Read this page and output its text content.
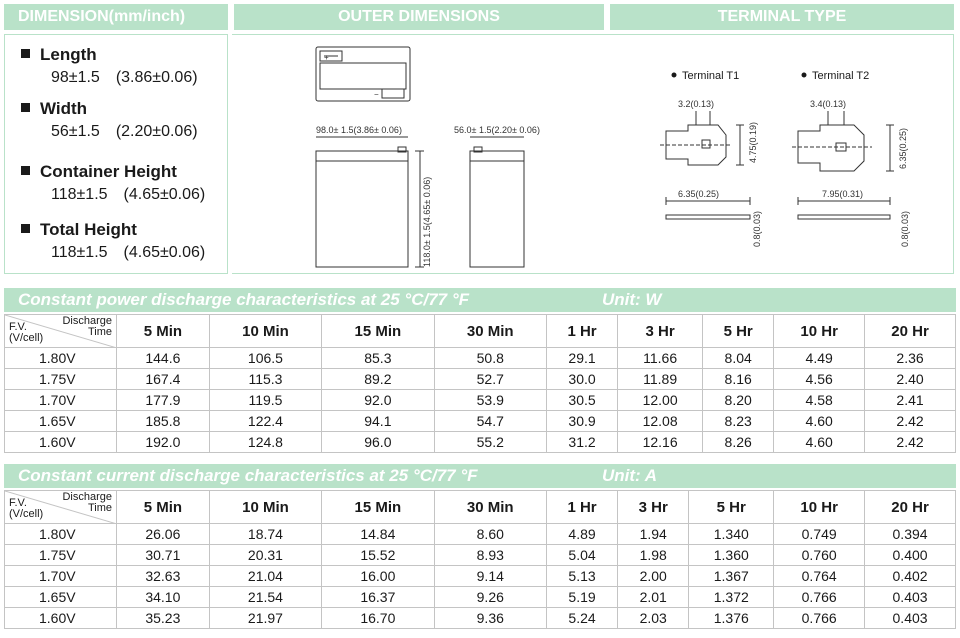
DIMENSION(mm/inch)	OUTER DIMENSIONS	TERMINAL TYPE
Length
98±1.5 (3.86±0.06)
Width
56±1.5 (2.20±0.06)
Container Height
118±1.5 (4.65±0.06)
Total Height
118±1.5 (4.65±0.06)
+
−
98.0± 1.5(3.86± 0.06)
118.0± 1.5(4.65± 0.06)
56.0± 1.5(2.20± 0.06)
Terminal T1
3.2(0.13)
4.75(0.19)
6.35(0.25)
0.8(0.03)
Terminal T2
3.4(0.13)
6.35(0.25)
7.95(0.31)
0.8(0.03)
Constant power discharge characteristics at 25 °C/77 °F	Unit: W
Discharge
Time
F.V.
(V/cell)	5 Min	10 Min	15 Min	30 Min	1 Hr	3 Hr	5 Hr	10 Hr	20 Hr
1.80V	144.6	106.5	85.3	50.8	29.1	11.66	8.04	4.49	2.36
1.75V	167.4	115.3	89.2	52.7	30.0	11.89	8.16	4.56	2.40
1.70V	177.9	119.5	92.0	53.9	30.5	12.00	8.20	4.58	2.41
1.65V	185.8	122.4	94.1	54.7	30.9	12.08	8.23	4.60	2.42
1.60V	192.0	124.8	96.0	55.2	31.2	12.16	8.26	4.60	2.42
Constant current discharge characteristics at 25 °C/77 °F	Unit: A
Discharge
Time
F.V.
(V/cell)	5 Min	10 Min	15 Min	30 Min	1 Hr	3 Hr	5 Hr	10 Hr	20 Hr
1.80V	26.06	18.74	14.84	8.60	4.89	1.94	1.340	0.749	0.394
1.75V	30.71	20.31	15.52	8.93	5.04	1.98	1.360	0.760	0.400
1.70V	32.63	21.04	16.00	9.14	5.13	2.00	1.367	0.764	0.402
1.65V	34.10	21.54	16.37	9.26	5.19	2.01	1.372	0.766	0.403
1.60V	35.23	21.97	16.70	9.36	5.24	2.03	1.376	0.766	0.403
